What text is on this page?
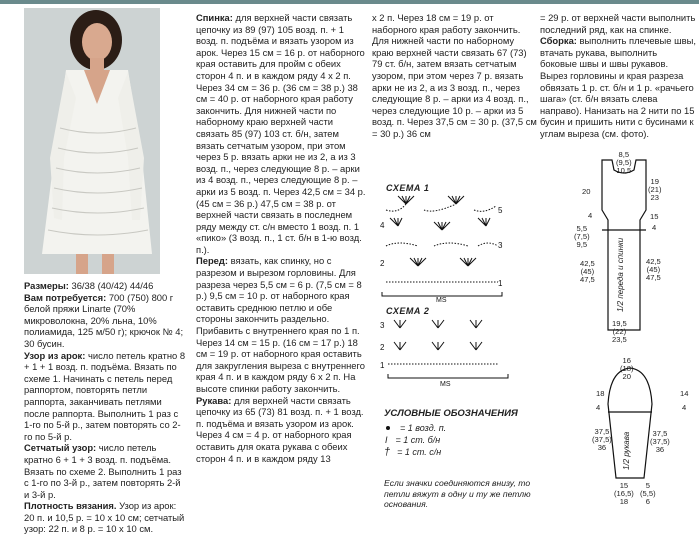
Размеры: 36/38 (40/42) 44/46

Вам потребуется: 700 (750) 800 г белой пряжи Linarte (70% микроволокна, 20% льна, 10% полиамида, 125 м/50 г); крючок № 4; 30 бусин.

Узор из арок: число петель кратно 8 + 1 + 1 возд. п. подъёма. Вязать по схеме 1. Начинать с петель перед раппортом, повторять петли раппорта, заканчивать петлями после раппорта. Выполнить 1 раз с 1-го по 5-й р., затем повторять со 2-го по 5-й р.

Сетчатый узор: число петель кратно 6 + 1 + 3 возд. п. подъёма. Вязать по схеме 2. Выполнить 1 раз с 1-го по 3-й р., затем повторять 2-й и 3-й р.

Плотность вязания. Узор из арок: 20 п. и 10,5 р. = 10 х 10 см; сетчатый узор: 22 п. и 8 р. = 10 х 10 см.

Спинка: для верхней части связать цепочку из 89 (97) 105 возд. п. + 1 возд. п. подъёма и вязать узором из арок. Через 15 см = 16 р. от наборного края оставить для пройм с обеих сторон 4 п. и в каждом ряду 4 х 2 п. Через 34 см = 36 р. (36 см = 38 р.) 38 см = 40 р. от наборного края работу закончить. Для нижней части по наборному краю верхней части связать 85 (97) 103 ст. б/н, затем вязать сетчатым узором, при этом через 5 р. вязать арки не из 2, а из 3 возд. п., через следующие 8 р. – арки из 4 возд. п., через следующие 8 р. – арки из 5 возд. п. Через 42,5 см = 34 р. (45 см = 36 р.) 47,5 см = 38 р. от верхней части связать в последнем ряду между ст. с/н вместо 1 возд. п. 1 «пико» (3 возд. п., 1 ст. б/н в 1-ю возд. п.).

Перед: вязать, как спинку, но с разрезом и вырезом горловины. Для разреза через 5,5 см = 6 р. (7,5 см = 8 р.) 9,5 см = 10 р. от наборного края оставить среднюю петлю и обе стороны закончить раздельно. Прибавить с внутреннего края по 1 п. Через 14 см = 15 р. (16 см = 17 р.) 18 см = 19 р. от наборного края оставить для закругления выреза с внутреннего края 4 п. и в каждом ряду 6 х 2 п. На высоте спинки работу закончить.

Рукава: для верхней части связать цепочку из 65 (73) 81 возд. п. + 1 возд. п. подъёма и вязать узором из арок. Через 4 см = 4 р. от наборного края оставить для оката рукава с обеих сторон 4 п. и в каждом ряду 13

х 2 п. Через 18 см = 19 р. от наборного края работу закончить. Для нижней части по наборному краю верхней части связать 67 (73) 79 ст. б/н, затем вязать сетчатым узором, при этом через 7 р. вязать арки не из 2, а из 3 возд. п., через следующие 8 р. – арки из 4 возд. п., через следующие 10 р. – арки из 5 возд. п. Через 37,5 см = 30 р. (37,5 см = 30 р.) 36 см

= 29 р. от верхней части выполнить последний ряд, как на спинке.

Сборка: выполнить плечевые швы, втачать рукава, выполнить боковые швы и швы рукавов. Вырез горловины и края разреза обвязать 1 р. ст. б/н и 1 р. «рачьего шага» (ст. б/н вязать слева направо). Нанизать на 2 нити по 15 бусин и пришить нити с бусинами к углам выреза (см. фото).

СХЕМА 1
5
4
3
2
1
MS
СХЕМА 2
3
2
1
MS
УСЛОВНЫЕ ОБОЗНАЧЕНИЯ
= 1 возд. п.
I = 1 ст. б/н
† = 1 ст. с/н
Если значки соединяются внизу, то петли вяжут в одну и ту же петлю основания.
8,5
(9,5)
10,5
20
4
19
(21)
23
5,5
(7,5)
9,5
15
4
42,5
(45)
47,5
42,5
(45)
47,5
19,5
(22)
23,5
1/2 переда и спинки
16
(18)
20
18
4
14
4
37,5
(37,5)
36
37,5
(37,5)
36
15
(16,5)
18
5
(5,5)
6
1/2 рукава
